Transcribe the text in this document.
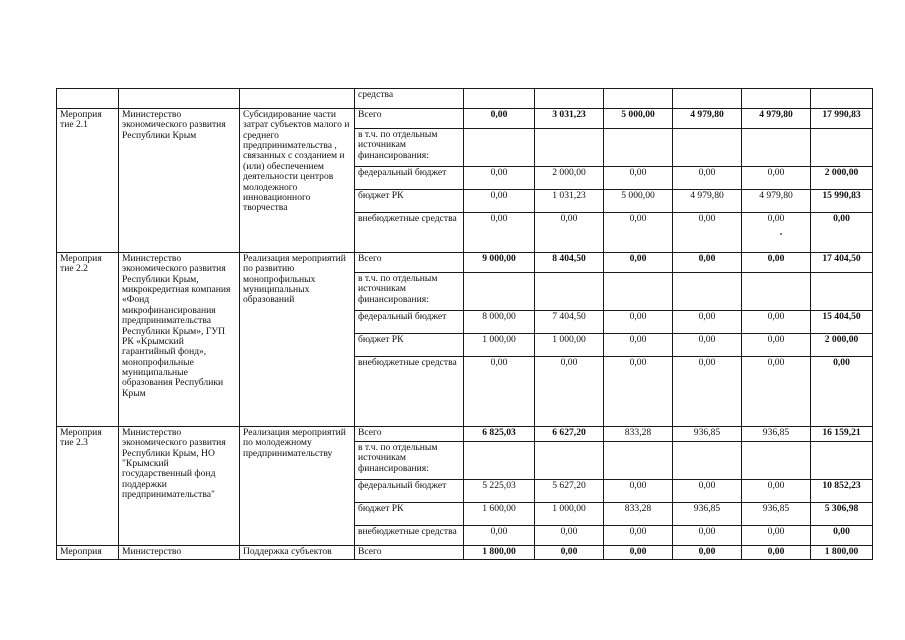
			средства						
Мероприя тие 2.1	Министерство экономического развития Республики Крым	Субсидирование части затрат субъектов малого и среднего предпринимательства , связанных с созданием и (или) обеспечением деятельности центров молодежного инновационного творчества	Всего	0,00	3 031,23	5 000,00	4 979,80	4 979,80	17 990,83
			в т.ч. по отдельным источникам финансирования:						
			федеральный бюджет	0,00	2 000,00	0,00	0,00	0,00	2 000,00
			бюджет РК	0,00	1 031,23	5 000,00	4 979,80	4 979,80	15 990,83
			внебюджетные средства	0,00	0,00	0,00	0,00	0,00	0,00
Мероприя тие 2.2	Министерство экономического развития Республики Крым, микрокредитная компания «Фонд микрофинансирования предпринимательства Республики Крым», ГУП РК «Крымский гарантийный фонд», монопрофильные муниципальные образования Республики Крым	Реализация мероприятий по развитию монопрофильных муниципальных образований	Всего	9 000,00	8 404,50	0,00	0,00	0,00	17 404,50
			в т.ч. по отдельным источникам финансирования:						
			федеральный бюджет	8 000,00	7 404,50	0,00	0,00	0,00	15 404,50
			бюджет РК	1 000,00	1 000,00	0,00	0,00	0,00	2 000,00
			внебюджетные средства	0,00	0,00	0,00	0,00	0,00	0,00
Мероприя тие 2.3	Министерство экономического развития Республики Крым, НО "Крымский государственный фонд поддержки предпринимательства"	Реализация мероприятий по молодежному предпринимательству	Всего	6 825,03	6 627,20	833,28	936,85	936,85	16 159,21
			в т.ч. по отдельным источникам финансирования:						
			федеральный бюджет	5 225,03	5 627,20	0,00	0,00	0,00	10 852,23
			бюджет РК	1 600,00	1 000,00	833,28	936,85	936,85	5 306,98
			внебюджетные средства	0,00	0,00	0,00	0,00	0,00	0,00
Мероприя	Министерство	Поддержка субъектов	Всего	1 800,00	0,00	0,00	0,00	0,00	1 800,00
